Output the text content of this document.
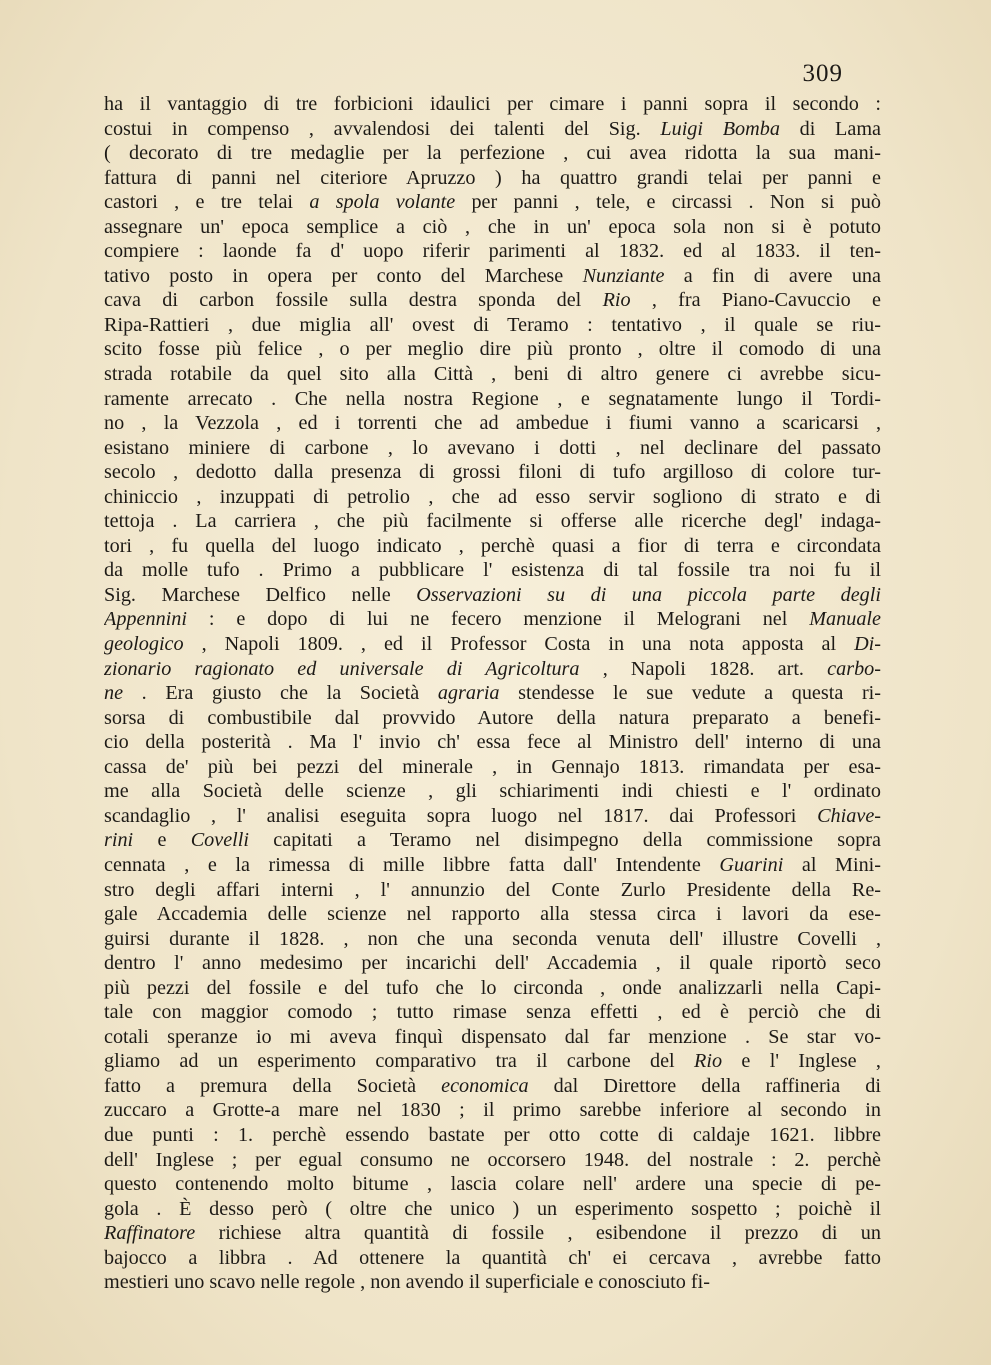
309
ha il vantaggio di tre forbicioni idaulici per cimare i panni sopra il secondo :
costui in compenso , avvalendosi dei talenti del Sig. Luigi Bomba di Lama
( decorato di tre medaglie per la perfezione , cui avea ridotta la sua mani-
fattura di panni nel citeriore Apruzzo ) ha quattro grandi telai per panni e
castori , e tre telai a spola volante per panni , tele, e circassi . Non si può
assegnare un' epoca semplice a ciò , che in un' epoca sola non si è potuto
compiere : laonde fa d' uopo riferir parimenti al 1832. ed al 1833. il ten-
tativo posto in opera per conto del Marchese Nunziante a fin di avere una
cava di carbon fossile sulla destra sponda del Rio , fra Piano-Cavuccio e
Ripa-Rattieri , due miglia all' ovest di Teramo : tentativo , il quale se riu-
scito fosse più felice , o per meglio dire più pronto , oltre il comodo di una
strada rotabile da quel sito alla Città , beni di altro genere ci avrebbe sicu-
ramente arrecato . Che nella nostra Regione , e segnatamente lungo il Tordi-
no , la Vezzola , ed i torrenti che ad ambedue i fiumi vanno a scaricarsi ,
esistano miniere di carbone , lo avevano i dotti , nel declinare del passato
secolo , dedotto dalla presenza di grossi filoni di tufo argilloso di colore tur-
chiniccio , inzuppati di petrolio , che ad esso servir sogliono di strato e di
tettoja . La carriera , che più facilmente si offerse alle ricerche degl' indaga-
tori , fu quella del luogo indicato , perchè quasi a fior di terra e circondata
da molle tufo . Primo a pubblicare l' esistenza di tal fossile tra noi fu il
Sig. Marchese Delfico nelle Osservazioni su di una piccola parte degli
Appennini : e dopo di lui ne fecero menzione il Melograni nel Manuale
geologico , Napoli 1809. , ed il Professor Costa in una nota apposta al Di-
zionario ragionato ed universale di Agricoltura , Napoli 1828. art. carbo-
ne . Era giusto che la Società agraria stendesse le sue vedute a questa ri-
sorsa di combustibile dal provvido Autore della natura preparato a benefi-
cio della posterità . Ma l' invio ch' essa fece al Ministro dell' interno di una
cassa de' più bei pezzi del minerale , in Gennajo 1813. rimandata per esa-
me alla Società delle scienze , gli schiarimenti indi chiesti e l' ordinato
scandaglio , l' analisi eseguita sopra luogo nel 1817. dai Professori Chiave-
rini e Covelli capitati a Teramo nel disimpegno della commissione sopra
cennata , e la rimessa di mille libbre fatta dall' Intendente Guarini al Mini-
stro degli affari interni , l' annunzio del Conte Zurlo Presidente della Re-
gale Accademia delle scienze nel rapporto alla stessa circa i lavori da ese-
guirsi durante il 1828. , non che una seconda venuta dell' illustre Covelli ,
dentro l' anno medesimo per incarichi dell' Accademia , il quale riportò seco
più pezzi del fossile e del tufo che lo circonda , onde analizzarli nella Capi-
tale con maggior comodo ; tutto rimase senza effetti , ed è perciò che di
cotali speranze io mi aveva finquì dispensato dal far menzione . Se star vo-
gliamo ad un esperimento comparativo tra il carbone del Rio e l' Inglese ,
fatto a premura della Società economica dal Direttore della raffineria di
zuccaro a Grotte-a mare nel 1830 ; il primo sarebbe inferiore al secondo in
due punti : 1. perchè essendo bastate per otto cotte di caldaje 1621. libbre
dell' Inglese ; per egual consumo ne occorsero 1948. del nostrale : 2. perchè
questo contenendo molto bitume , lascia colare nell' ardere una specie di pe-
gola . È desso però ( oltre che unico ) un esperimento sospetto ; poichè il
Raffinatore richiese altra quantità di fossile , esibendone il prezzo di un
bajocco a libbra . Ad ottenere la quantità ch' ei cercava , avrebbe fatto
mestieri uno scavo nelle regole , non avendo il superficiale e conosciuto fi-
